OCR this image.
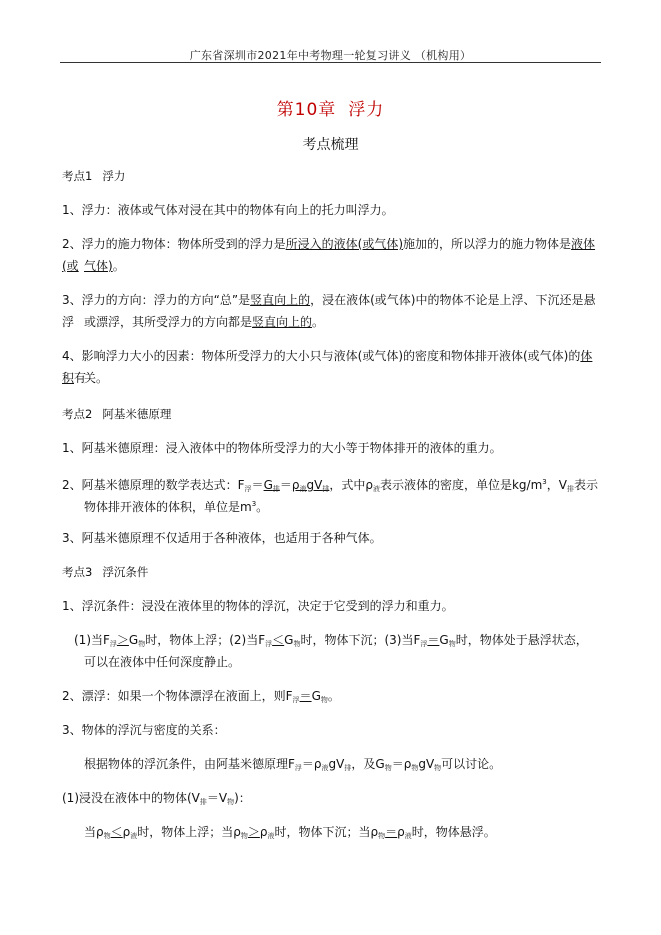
广东省深圳市2021年中考物理一轮复习讲义 （机构用）
第10章 浮力
考点梳理
考点1 浮力
1、浮力：液体或气体对浸在其中的物体有向上的托力叫浮力。
2、浮力的施力物体：物体所受到的浮力是所浸入的液体(或气体)施加的，所以浮力的施力物体是液体(或 气体)。
3、浮力的方向：浮力的方向“总”是竖直向上的，浸在液体(或气体)中的物体不论是上浮、下沉还是悬浮 或漂浮，其所受浮力的方向都是竖直向上的。
4、影响浮力大小的因素：物体所受浮力的大小只与液体(或气体)的密度和物体排开液体(或气体)的体积有
关。
考点2 阿基米德原理
1、阿基米德原理：浸入液体中的物体所受浮力的大小等于物体排开的液体的重力。
2、阿基米德原理的数学表达式：$F_浮=G_排=\rho_液gV_排$，式中$\rho_液$表示液体的密度，单位是$kg/m^3$，$V_排$表示
物体排开液体的体积，单位是$m^3$。
3、阿基米德原理不仅适用于各种液体，也适用于各种气体。
考点3 浮沉条件
1、浮沉条件：浸没在液体里的物体的浮沉，决定于它受到的浮力和重力。
(1)当$F_浮>G_物$时，物体上浮；(2)当$F_浮<G_物$时，物体下沉；(3)当$F_浮=G_物$时，物体处于悬浮状态，
可以在液体中任何深度静止。
2、漂浮：如果一个物体漂浮在液面上，则$F_浮=G_物$。
3、物体的浮沉与密度的关系：
根据物体的浮沉条件，由阿基米德原理$F_浮=\rho_液gV_排$，及$G_物=\rho_物gV_物$可以讨论。
(1)浸没在液体中的物体$(V_排=V_物)$：
当$\rho_物<\rho_液$时，物体上浮；当$\rho_物>\rho_液$时，物体下沉；当$\rho_物=\rho_液$时，物体悬浮。
